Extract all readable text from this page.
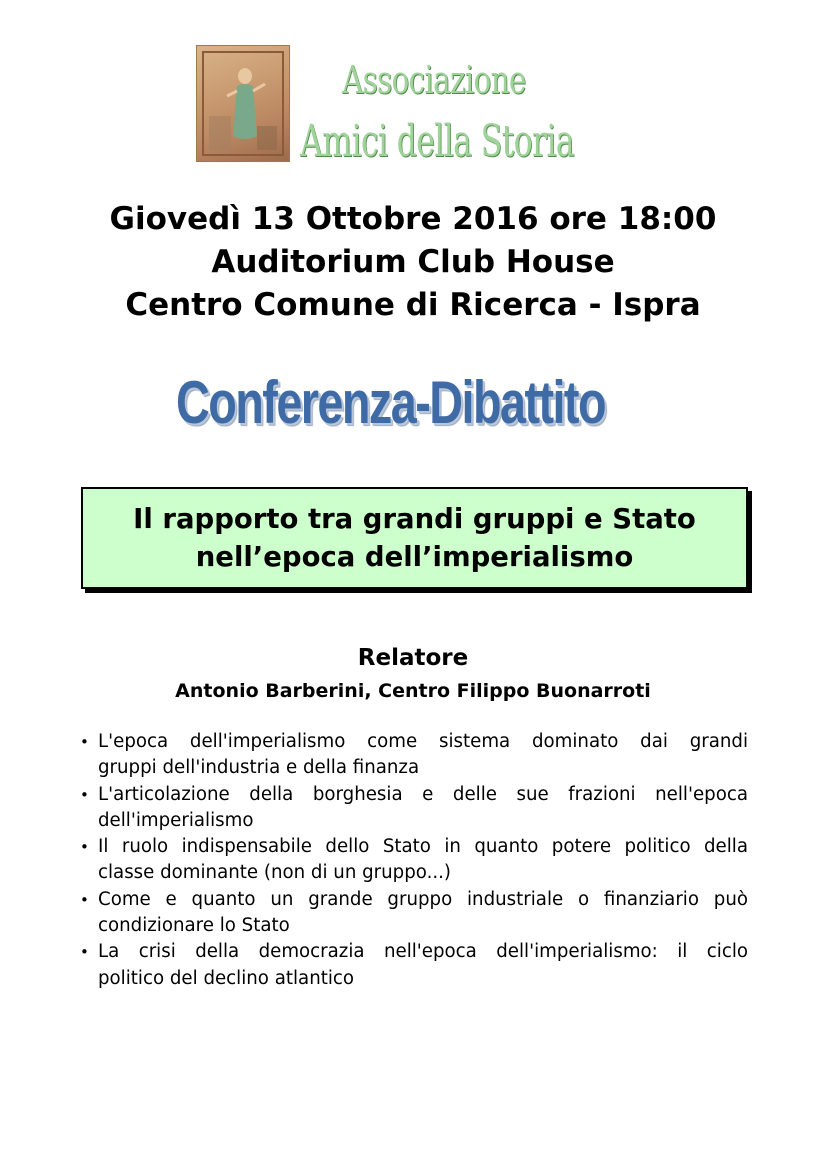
Associazione
Amici della Storia
Giovedì 13 Ottobre 2016 ore 18:00
Auditorium Club House
Centro Comune di Ricerca - Ispra
Conferenza-Dibattito
Il rapporto tra grandi gruppi e Stato
nell’epoca dell’imperialismo
Relatore
Antonio Barberini, Centro Filippo Buonarroti
• L'epoca dell'imperialismo come sistema dominato dai grandi
gruppi dell'industria e della finanza
• L'articolazione della borghesia e delle sue frazioni nell'epoca
dell'imperialismo
• Il ruolo indispensabile dello Stato in quanto potere politico della
classe dominante (non di un gruppo...)
• Come e quanto un grande gruppo industriale o finanziario può
condizionare lo Stato
• La crisi della democrazia nell'epoca dell'imperialismo: il ciclo
politico del declino atlantico
